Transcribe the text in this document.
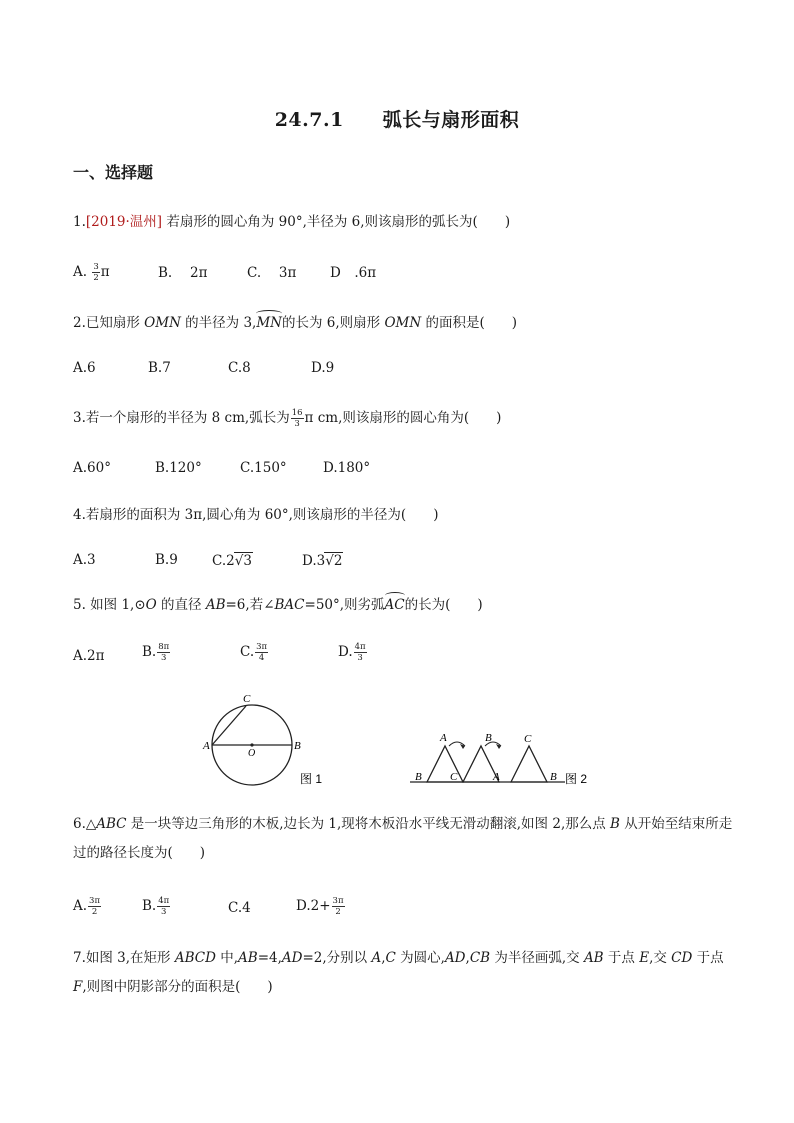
24.7.1　　弧长与扇形面积
一、选择题
1.[2019·温州] 若扇形的圆心角为 90°,半径为 6,则该扇形的弧长为(　　)
A. $\frac{3}{2}$ π	B.  2π	C.  3π D .6π
2.已知扇形 OMN 的半径为 3,MN的长为 6,则扇形 OMN 的面积是(　　)
A.6	B.7	C.8	D.9
3.若一个扇形的半径为 8 cm,弧长为 $\frac{16}{3}$ π cm,则该扇形的圆心角为(　　)
A.60°	B.120°	C.150°	D.180°
4.若扇形的面积为 3π,圆心角为 60°,则该扇形的半径为(　　)
A.3	B.9	C.2√3	D.3√2
5. 如图 1,⊙O 的直径 AB=6,若∠BAC=50°,则劣弧AC的长为(　　)
A.2π	B. $\frac{8\pi}{3}$	C. $\frac{3\pi}{4}$	D. $\frac{4\pi}{3}$
A	B
C
O
图 1
A	B	C
B	C	A	B 图 2
6.△ABC 是一块等边三角形的木板,边长为 1,现将木板沿水平线无滑动翻滚,如图 2,那么点 B 从开始至结束所走过的路径长度为(　　)
A. $\frac{3\pi}{2}$	B. $\frac{4\pi}{3}$	C.4	$D.2+ \frac{3\pi}{2}$
7.如图 3,在矩形 ABCD 中,AB=4,AD=2,分别以 A,C 为圆心,AD,CB 为半径画弧,交 AB 于点 E,交 CD 于点 F,则图中阴影部分的面积是(　　)
